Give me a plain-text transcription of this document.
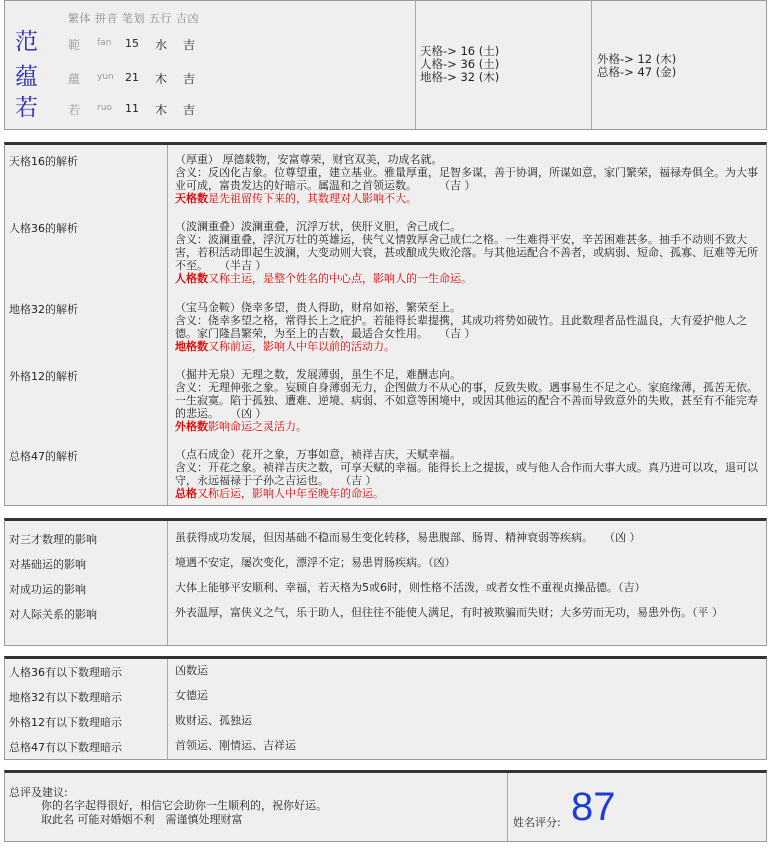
繁体 拼音 笔划 五行 吉凶
范	範 fan 15 水 吉
蕴	蘊 yun 21 木 吉
若	若 ruo 11 木 吉
天格-> 16 (土)
人格-> 36 (土)
地格-> 32 (木)
外格-> 12 (木)
总格-> 47 (金)
天格16的解析	（厚重） 厚德载物，安富尊荣，财官双美，功成名就。
含义：反凶化吉象。位尊望重，建立基业。雅量厚重，足智多谋，善于协调，所谋如意，家门繁荣，福禄寿俱全。为大事业可成，富贵发达的好暗示。属温和之首领运数。　　　（吉 ）
天格数是先祖留传下来的，其数理对人影响不大。
人格36的解析	（波澜重叠）波澜重叠，沉浮万状，侠肝义胆，舍己成仁。
含义：波澜重叠，浮沉万壮的英雄运，侠气义情敦厚舍己成仁之格。一生难得平安，辛苦困难甚多。抽手不动则不致大害，若积活动即起生波澜，大变动则大衰，甚或酿成失败沦落。与其他运配合不善者，或病弱、短命、孤寡、厄难等无所不至。　　（半吉 ）
人格数又称主运，是整个姓名的中心点，影响人的一生命运。
地格32的解析	（宝马金鞍）侥幸多望，贵人得助，财帛如裕，繁荣至上。
含义：侥幸多望之格，常得长上之庇护。若能得长辈提携，其成功将势如破竹。且此数理者品性温良，大有爱护他人之德。家门隆昌繁荣，为至上的吉数，最适合女性用。　　（吉 ）
地格数又称前运，影响人中年以前的活动力。
外格12的解析	（掘井无泉）无理之数，发展薄弱，虽生不足，难酬志向。
含义：无理伸张之象。妄顾自身薄弱无力，企图做力不从心的事，反致失败。遇事易生不足之心。家庭缘薄，孤苦无依。一生寂寞。陷于孤独、遭难、逆境、病弱、不如意等困境中，或因其他运的配合不善而导致意外的失败，甚至有不能完寿的悲运。　　（凶 ）
外格数影响命运之灵活力。
总格47的解析	（点石成金）花开之象，万事如意，祯祥吉庆，天赋幸福。
含义：开花之象。祯祥吉庆之数，可享天赋的幸福。能得长上之提拔，或与他人合作而大事大成。真乃进可以攻，退可以守，永远福禄于子孙之吉运也。　　（吉 ）
总格又称后运，影响人中年至晚年的命运。
对三才数理的影响	虽获得成功发展，但因基础不稳而易生变化转移，易患腹部、肠胃、精神衰弱等疾病。　　（凶 ）
对基础运的影响	境遇不安定，屡次变化，漂浮不定；易患胃肠疾病。（凶）
对成功运的影响	大体上能够平安顺利、幸福，若天格为5或6时，则性格不活泼，或者女性不重视贞操品德。（吉）
对人际关系的影响	外表温厚，富侠义之气，乐于助人，但往往不能使人满足，有时被欺骗而失财；大多劳而无功，易患外伤。（平 ）
人格36有以下数理暗示	凶数运
地格32有以下数理暗示	女德运
外格12有以下数理暗示	败财运、孤独运
总格47有以下数理暗示	首领运、刚情运、吉祥运
总评及建议:
你的名字起得很好，相信它会助你一生顺利的，祝你好运。
取此名 可能对婚姻不利　需谨慎处理财富	姓名评分: 87
